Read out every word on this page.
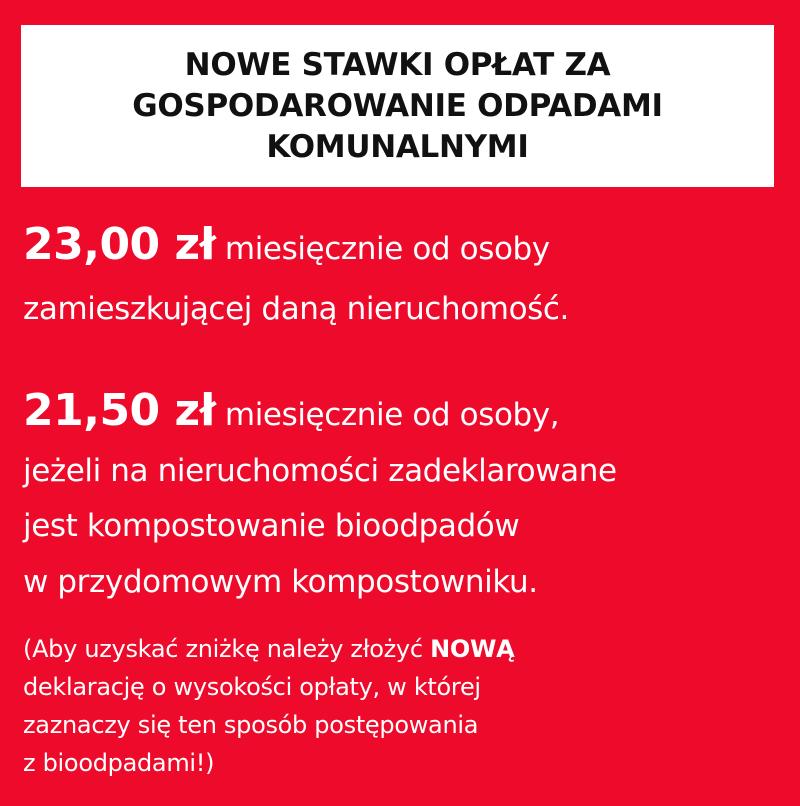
NOWE STAWKI OPŁAT ZA
GOSPODAROWANIE ODPADAMI
KOMUNALNYMI
23,00 zł miesięcznie od osoby
zamieszkującej daną nieruchomość.
21,50 zł miesięcznie od osoby,
jeżeli na nieruchomości zadeklarowane
jest kompostowanie bioodpadów
w przydomowym kompostowniku.
(Aby uzyskać zniżkę należy złożyć NOWĄ
deklarację o wysokości opłaty, w której
zaznaczy się ten sposób postępowania
z bioodpadami!)
